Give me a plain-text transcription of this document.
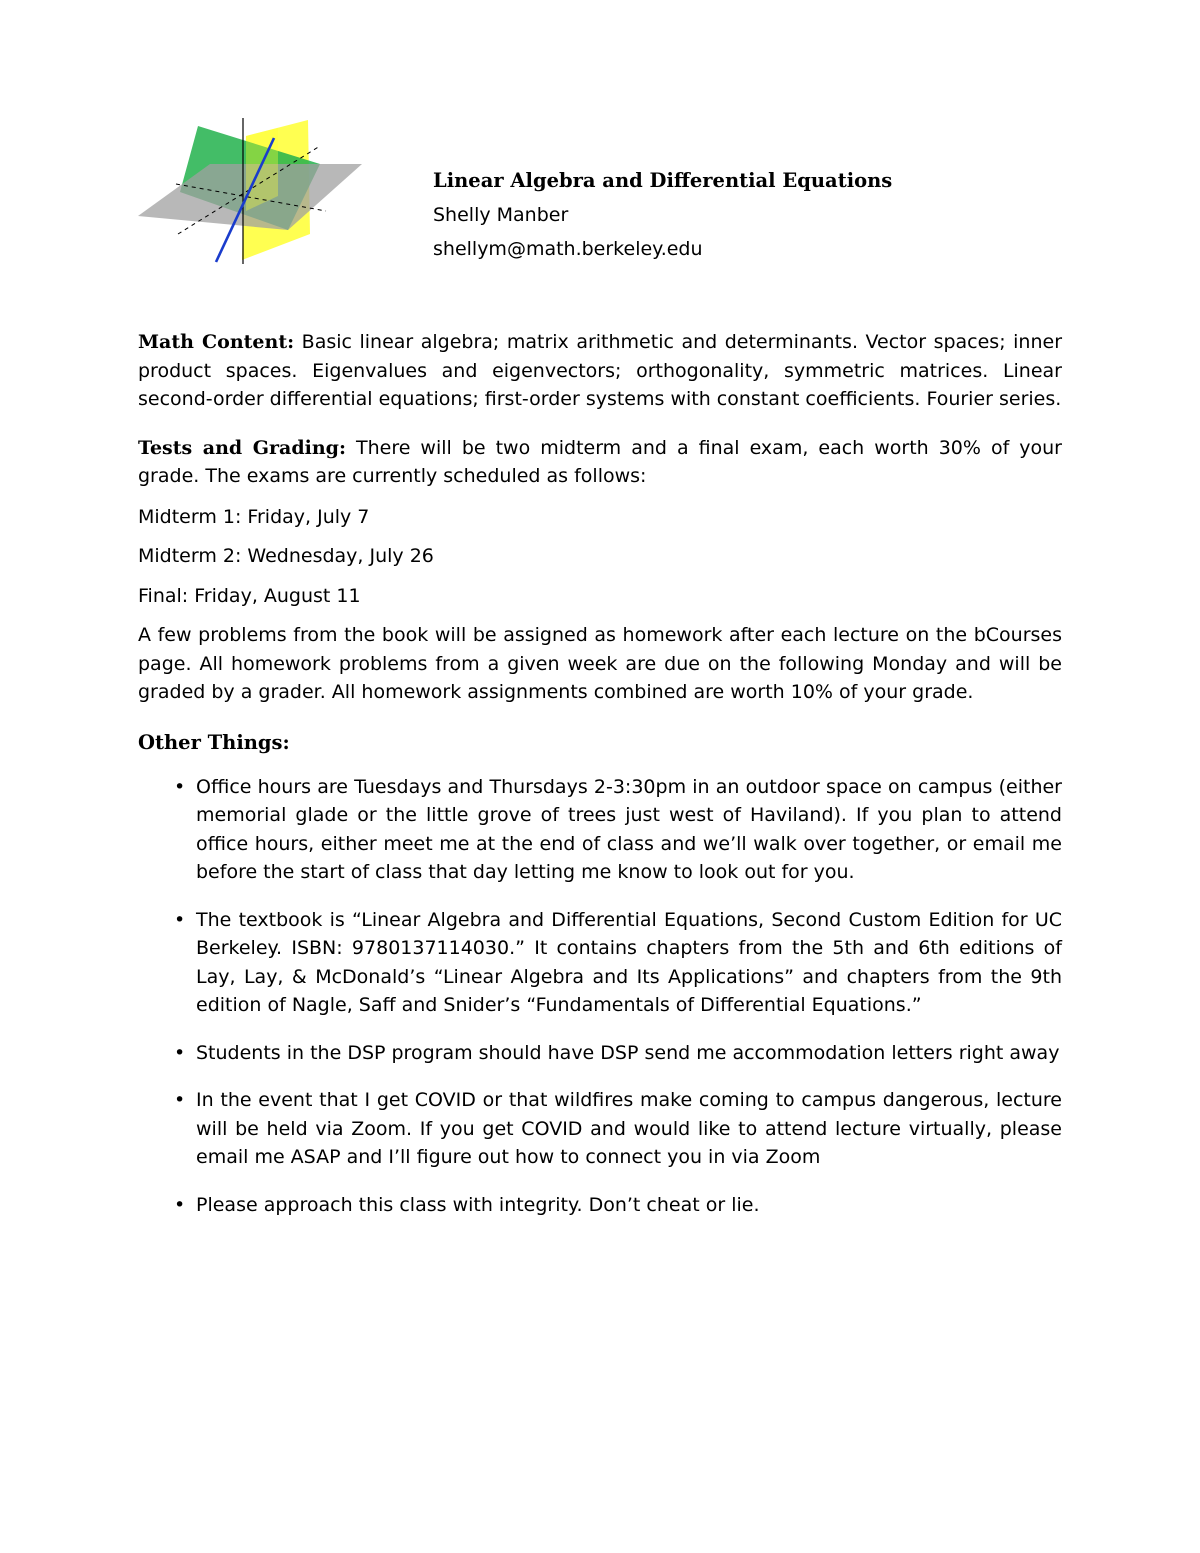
Linear Algebra and Differential Equations
Shelly Manber
shellym@math.berkeley.edu

Math Content: Basic linear algebra; matrix arithmetic and determinants. Vector spaces; inner product spaces. Eigenvalues and eigenvectors; orthogonality, symmetric matrices. Linear second-order differential equations; first-order systems with constant coefficients. Fourier series.

Tests and Grading: There will be two midterm and a final exam, each worth 30% of your grade. The exams are currently scheduled as follows:

Midterm 1: Friday, July 7

Midterm 2: Wednesday, July 26

Final: Friday, August 11

A few problems from the book will be assigned as homework after each lecture on the bCourses page. All homework problems from a given week are due on the following Monday and will be graded by a grader. All homework assignments combined are worth 10% of your grade.

Other Things:
• Office hours are Tuesdays and Thursdays 2-3:30pm in an outdoor space on campus (either memorial glade or the little grove of trees just west of Haviland). If you plan to attend office hours, either meet me at the end of class and we’ll walk over together, or email me before the start of class that day letting me know to look out for you.
• The textbook is “Linear Algebra and Differential Equations, Second Custom Edition for UC Berkeley. ISBN: 9780137114030.” It contains chapters from the 5th and 6th editions of Lay, Lay, & McDonald’s “Linear Algebra and Its Applications” and chapters from the 9th edition of Nagle, Saff and Snider’s “Fundamentals of Differential Equations.”
• Students in the DSP program should have DSP send me accommodation letters right away
• In the event that I get COVID or that wildfires make coming to campus dangerous, lecture will be held via Zoom. If you get COVID and would like to attend lecture virtually, please email me ASAP and I’ll figure out how to connect you in via Zoom
• Please approach this class with integrity. Don’t cheat or lie.
